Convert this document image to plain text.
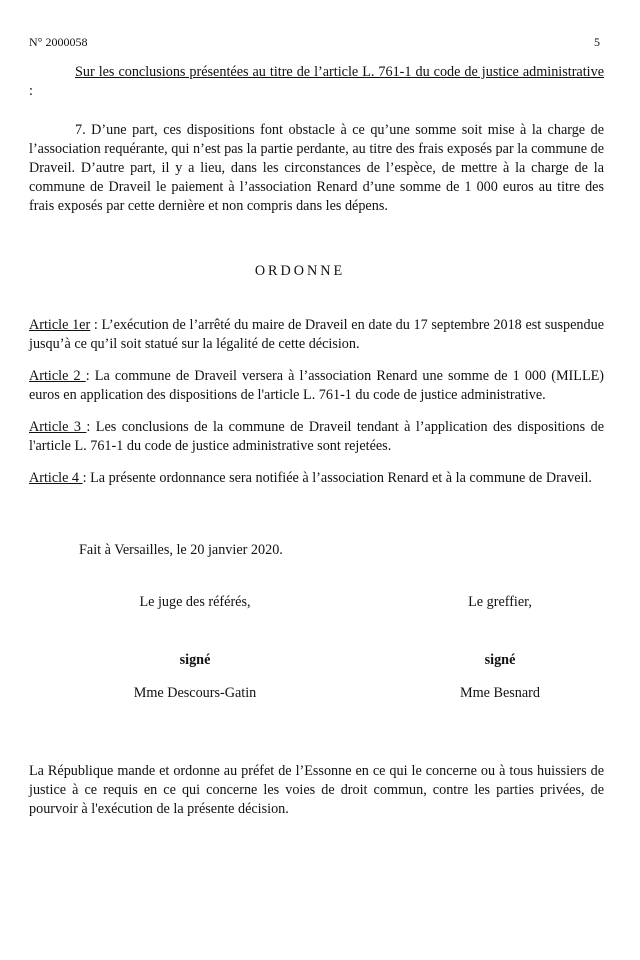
N° 2000058	5
Sur les conclusions présentées au titre de l’article L. 761-1 du code de justice administrative :
7. D’une part, ces dispositions font obstacle à ce qu’une somme soit mise à la charge de l’association requérante, qui n’est pas la partie perdante, au titre des frais exposés par la commune de Draveil. D’autre part, il y a lieu, dans les circonstances de l’espèce, de mettre à la charge de la commune de Draveil le paiement à l’association Renard d’une somme de 1 000 euros au titre des frais exposés par cette dernière et non compris dans les dépens.
ORDONNE
Article 1er : L’exécution de l’arrêté du maire de Draveil en date du 17 septembre 2018 est suspendue jusqu’à ce qu’il soit statué sur la légalité de cette décision.
Article 2 : La commune de Draveil versera à l’association Renard une somme de 1 000 (MILLE) euros en application des dispositions de l'article L. 761-1 du code de justice administrative.
Article 3 : Les conclusions de la commune de Draveil tendant à l’application des dispositions de l'article L. 761-1 du code de justice administrative sont rejetées.
Article 4 : La présente ordonnance sera notifiée à l’association Renard et à la commune de Draveil.
Fait à Versailles, le 20 janvier 2020.
Le juge des référés,
signé
Mme Descours-Gatin
Le greffier,
signé
Mme Besnard
La République mande et ordonne au préfet de l’Essonne en ce qui le concerne ou à tous huissiers de justice à ce requis en ce qui concerne les voies de droit commun, contre les parties privées, de pourvoir à l'exécution de la présente décision.
